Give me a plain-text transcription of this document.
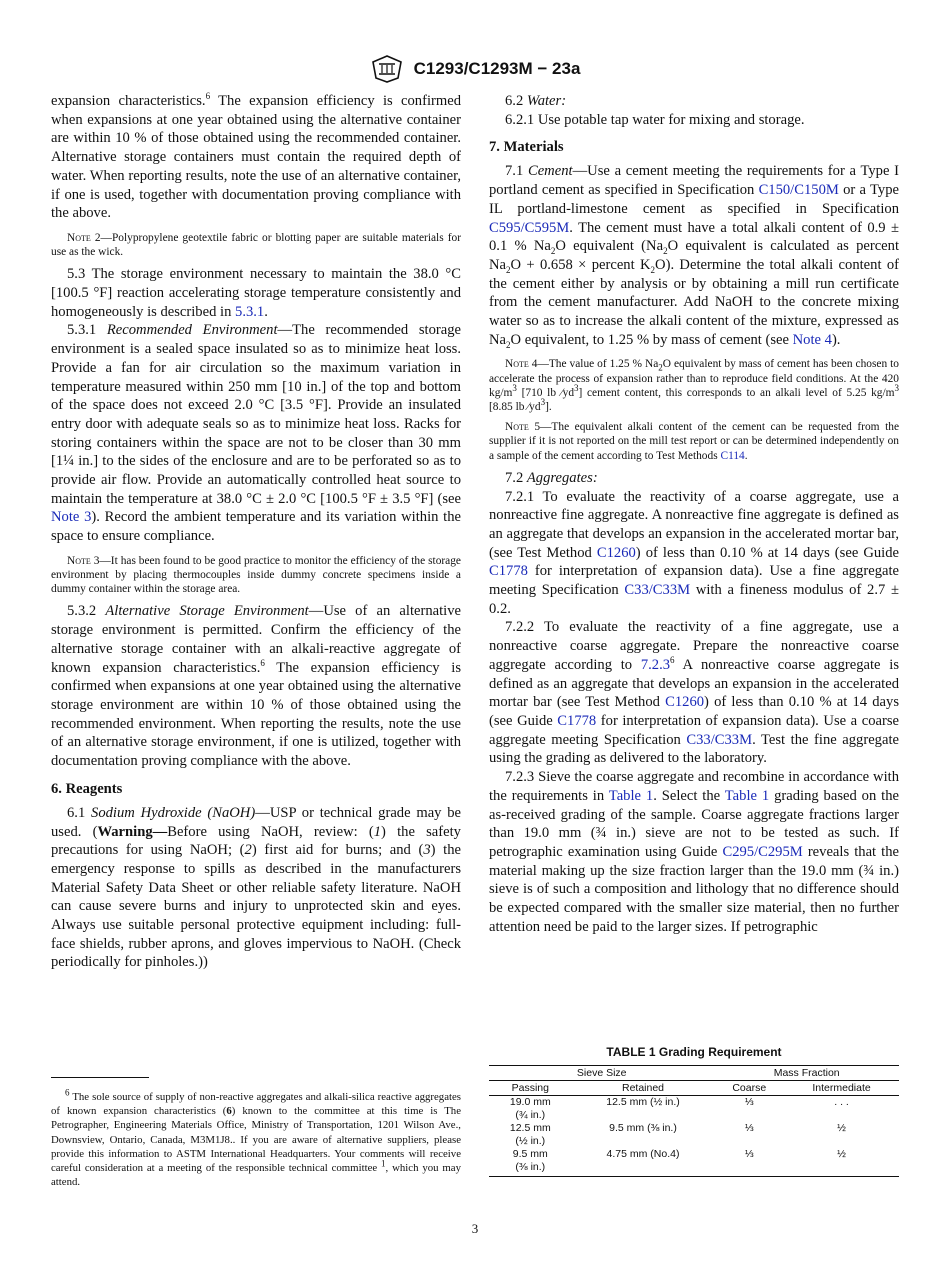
C1293/C1293M − 23a

expansion characteristics.$^6$ The expansion efficiency is confirmed when expansions at one year obtained using the alternative container are within 10 % of those obtained using the recommended container. Alternative storage containers must contain the required depth of water. When reporting results, note the use of an alternative container, if one is used, together with documentation proving compliance with the above.

Note 2—Polypropylene geotextile fabric or blotting paper are suitable materials for use as the wick.

5.3 The storage environment necessary to maintain the 38.0 °C [100.5 °F] reaction accelerating storage temperature consistently and homogeneously is described in 5.3.1.

5.3.1 Recommended Environment—The recommended storage environment is a sealed space insulated so as to minimize heat loss. Provide a fan for air circulation so the maximum variation in temperature measured within 250 mm [10 in.] of the top and bottom of the space does not exceed 2.0 °C [3.5 °F]. Provide an insulated entry door with adequate seals so as to minimize heat loss. Racks for storing containers within the space are not to be closer than 30 mm [1¼ in.] to the sides of the enclosure and are to be perforated so as to provide air flow. Provide an automatically controlled heat source to maintain the temperature at 38.0 °C ± 2.0 °C [100.5 °F ± 3.5 °F] (see Note 3). Record the ambient temperature and its variation within the space to ensure compliance.

Note 3—It has been found to be good practice to monitor the efficiency of the storage environment by placing thermocouples inside dummy concrete specimens inside a dummy container within the storage area.

5.3.2 Alternative Storage Environment—Use of an alternative storage environment is permitted. Confirm the efficiency of the alternative storage container with an alkali-reactive aggregate of known expansion characteristics.$^6$ The expansion efficiency is confirmed when expansions at one year obtained using the alternative storage environment are within 10 % of those obtained using the recommended environment. When reporting the results, note the use of an alternative storage environment, if one is utilized, together with documentation proving compliance with the above.

6. Reagents

6.1 Sodium Hydroxide (NaOH)—USP or technical grade may be used. (Warning—Before using NaOH, review: (1) the safety precautions for using NaOH; (2) first aid for burns; and (3) the emergency response to spills as described in the manufacturers Material Safety Data Sheet or other reliable safety literature. NaOH can cause severe burns and injury to unprotected skin and eyes. Always use suitable personal protective equipment including: full-face shields, rubber aprons, and gloves impervious to NaOH. (Check periodically for pinholes.))

$^6$ The sole source of supply of non-reactive aggregates and alkali-silica reactive aggregates of known expansion characteristics (6) known to the committee at this time is The Petrographer, Engineering Materials Office, Ministry of Transportation, 1201 Wilson Ave., Downsview, Ontario, Canada, M3M1J8.. If you are aware of alternative suppliers, please provide this information to ASTM International Headquarters. Your comments will receive careful consideration at a meeting of the responsible technical committee $^1$, which you may attend.

6.2 Water:

6.2.1 Use potable tap water for mixing and storage.

7. Materials

7.1 Cement—Use a cement meeting the requirements for a Type I portland cement as specified in Specification C150/C150M or a Type IL portland-limestone cement as specified in Specification C595/C595M. The cement must have a total alkali content of 0.9 ± 0.1 % $Na_2O$ equivalent ($Na_2O$ equivalent is calculated as percent $Na_2O + 0.658$ × percent $K_2O$). Determine the total alkali content of the cement either by analysis or by obtaining a mill run certificate from the cement manufacturer. Add NaOH to the concrete mixing water so as to increase the alkali content of the mixture, expressed as $Na_2O$ equivalent, to 1.25 % by mass of cement (see Note 4).

Note 4—The value of 1.25 % $Na_2O$ equivalent by mass of cement has been chosen to accelerate the process of expansion rather than to reproduce field conditions. At the 420 $kg/m^3$ [710 lb $⁄yd^3$] cement content, this corresponds to an alkali level of 5.25 $kg/m^3$ [8.85 lb $⁄yd^3$].
Note 5—The equivalent alkali content of the cement can be requested from the supplier if it is not reported on the mill test report or can be determined independently on a sample of the cement according to Test Methods C114.

7.2 Aggregates:

7.2.1 To evaluate the reactivity of a coarse aggregate, use a nonreactive fine aggregate. A nonreactive fine aggregate is defined as an aggregate that develops an expansion in the accelerated mortar bar, (see Test Method C1260) of less than 0.10 % at 14 days (see Guide C1778 for interpretation of expansion data). Use a fine aggregate meeting Specification C33/C33M with a fineness modulus of 2.7 ± 0.2.

7.2.2 To evaluate the reactivity of a fine aggregate, use a nonreactive coarse aggregate. Prepare the nonreactive coarse aggregate according to 7.2.3$^6$ A nonreactive coarse aggregate is defined as an aggregate that develops an expansion in the accelerated mortar bar (see Test Method C1260) of less than 0.10 % at 14 days (see Guide C1778 for interpretation of expansion data). Use a coarse aggregate meeting Specification C33/C33M. Test the fine aggregate using the grading as delivered to the laboratory.

7.2.3 Sieve the coarse aggregate and recombine in accordance with the requirements in Table 1. Select the Table 1 grading based on the as-received grading of the sample. Coarse aggregate fractions larger than 19.0 mm (¾ in.) sieve are not to be tested as such. If petrographic examination using Guide C295/C295M reveals that the material making up the size fraction larger than the 19.0 mm (¾ in.) sieve is of such a composition and lithology that no difference should be expected compared with the smaller size material, then no further attention need be paid to the larger sizes. If petrographic

TABLE 1 Grading Requirement
Sieve Size		Mass Fraction	
Passing	Retained	Coarse	Intermediate
19.0 mm	12.5 mm (½ in.)	⅓	. . .
(¾ in.)			
12.5 mm	9.5 mm (⅜ in.)	⅓	½
(½ in.)			
9.5 mm	4.75 mm (No.4)	⅓	½
(⅜ in.)			
3
